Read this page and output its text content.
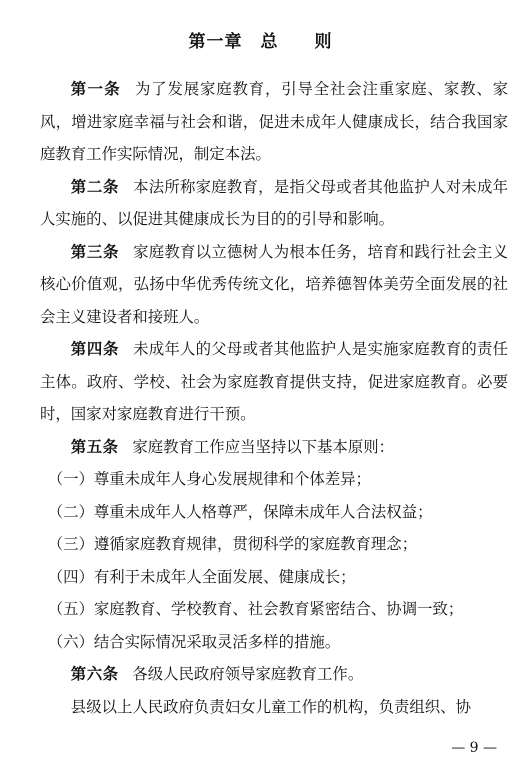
第一章　总　　则

第一条 为了发展家庭教育，引导全社会注重家庭、家教、家风，增进家庭幸福与社会和谐，促进未成年人健康成长，结合我国家庭教育工作实际情况，制定本法。

第二条 本法所称家庭教育，是指父母或者其他监护人对未成年人实施的、以促进其健康成长为目的的引导和影响。

第三条 家庭教育以立德树人为根本任务，培育和践行社会主义核心价值观，弘扬中华优秀传统文化，培养德智体美劳全面发展的社会主义建设者和接班人。

第四条 未成年人的父母或者其他监护人是实施家庭教育的责任主体。政府、学校、社会为家庭教育提供支持，促进家庭教育。必要时，国家对家庭教育进行干预。

第五条 家庭教育工作应当坚持以下基本原则：

（一）尊重未成年人身心发展规律和个体差异；

（二）尊重未成年人人格尊严，保障未成年人合法权益；

（三）遵循家庭教育规律，贯彻科学的家庭教育理念；

（四）有利于未成年人全面发展、健康成长；

（五）家庭教育、学校教育、社会教育紧密结合、协调一致；

（六）结合实际情况采取灵活多样的措施。

第六条 各级人民政府领导家庭教育工作。

县级以上人民政府负责妇女儿童工作的机构，负责组织、协

— 9 —
